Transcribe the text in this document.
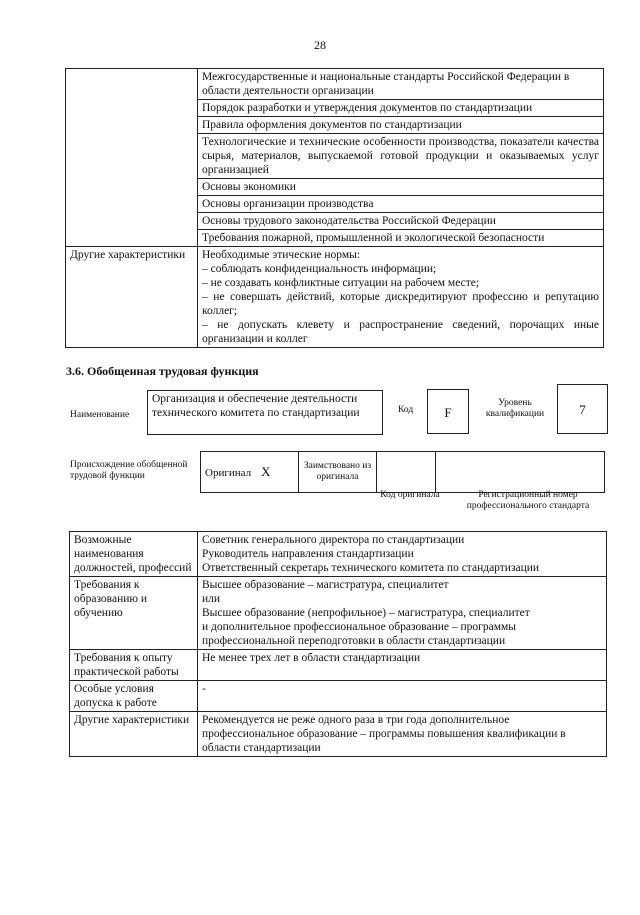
28
	Межгосударственные и национальные стандарты Российской Федерации в области деятельности организации
	Порядок разработки и утверждения документов по стандартизации
	Правила оформления документов по стандартизации
	Технологические и технические особенности производства, показатели качества сырья, материалов, выпускаемой готовой продукции и оказываемых услуг организацией
	Основы экономики
	Основы организации производства
	Основы трудового законодательства Российской Федерации
	Требования пожарной, промышленной и экологической безопасности
Другие характеристики	Необходимые этические нормы:

– соблюдать конфиденциальность информации;

– не создавать конфликтные ситуации на рабочем месте;

– не совершать действий, которые дискредитируют профессию и репутацию коллег;

– не допускать клевету и распространение сведений, порочащих иные организации и коллег

3.6. Обобщенная трудовая функция
Наименование
Организация и обеспечение деятельности технического комитета по стандартизации	Код	F
Уровень квалификации	7
Происхождение обобщенной трудовой функции	Оригинал X	Заимствовано из оригинала		
Код оригинала	Регистрационный номер профессионального стандарта
Возможные наименования должностей, профессий	Советник генерального директора по стандартизации
Руководитель направления стандартизации
Ответственный секретарь технического комитета по стандартизации

Требования к образованию и обучению	Высшее образование – магистратура, специалитет
или
Высшее образование (непрофильное) – магистратура, специалитет
и дополнительное профессиональное образование – программы профессиональной переподготовки в области стандартизации

Требования к опыту практической работы	Не менее трех лет в области стандартизации

Особые условия допуска к работе	-

Другие характеристики	Рекомендуется не реже одного раза в три года дополнительное профессиональное образование – программы повышения квалификации в области стандартизации
